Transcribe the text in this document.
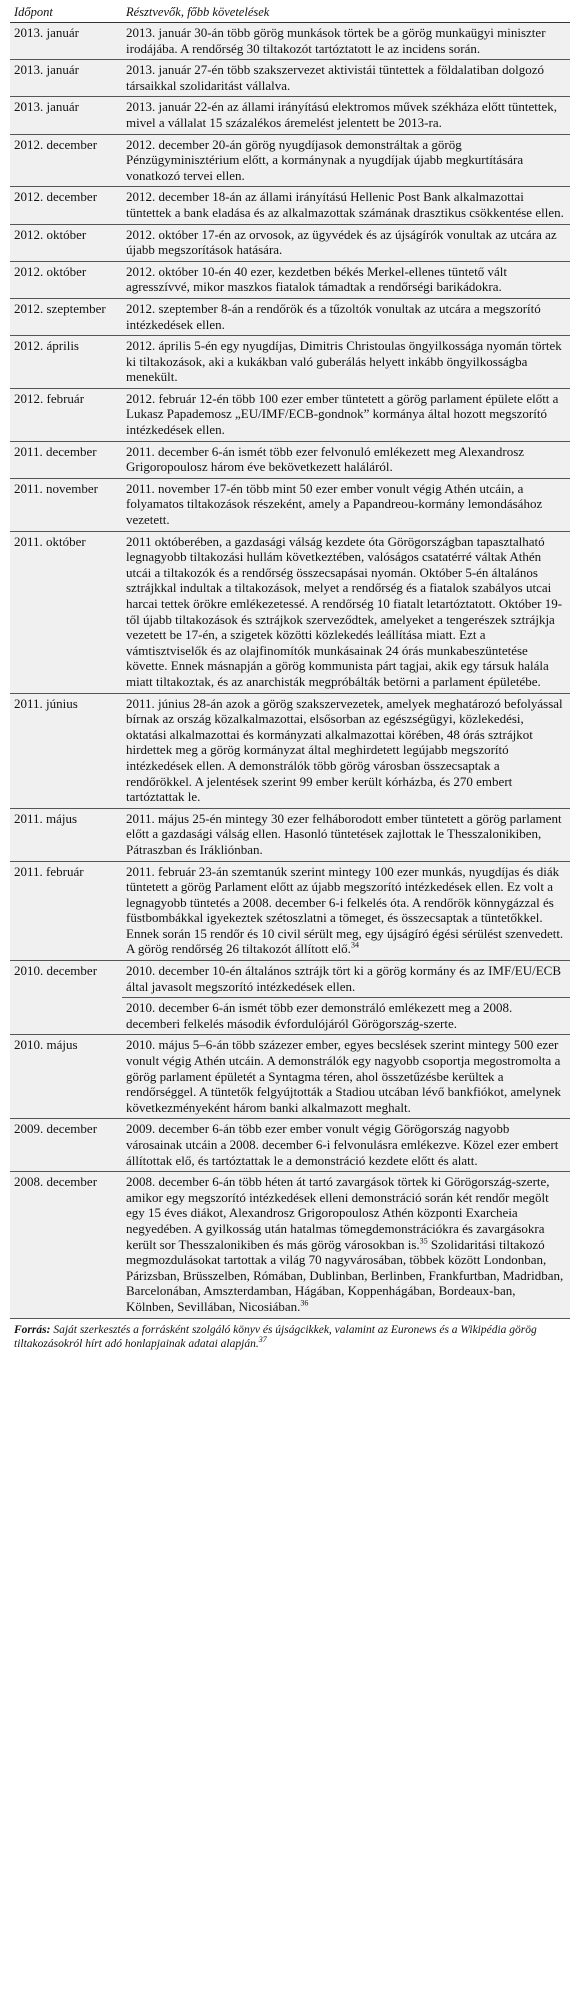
Időpont	Résztvevők, főbb követelések
2013. január	2013. január 30-án több görög munkások törtek be a görög munkaügyi miniszter irodájába. A rendőrség 30 tiltakozót tartóztatott le az incidens során.
2013. január	2013. január 27-én több szakszervezet aktivistái tüntettek a földalatiban dolgozó társaikkal szolidaritást vállalva.
2013. január	2013. január 22-én az állami irányítású elektromos művek székháza előtt tüntettek, mivel a vállalat 15 százalékos áremelést jelentett be 2013-ra.
2012. december	2012. december 20-án görög nyugdíjasok demonstráltak a görög Pénzügyminisztérium előtt, a kormánynak a nyugdíjak újabb megkurtítására vonatkozó tervei ellen.
2012. december	2012. december 18-án az állami irányítású Hellenic Post Bank alkalmazottai tüntettek a bank eladása és az alkalmazottak számának drasztikus csökkentése ellen.
2012. október	2012. október 17-én az orvosok, az ügyvédek és az újságírók vonultak az utcára az újabb megszorítások hatására.
2012. október	2012. október 10-én 40 ezer, kezdetben békés Merkel-ellenes tüntető vált agresszívvé, mikor maszkos fiatalok támadtak a rendőrségi barikádokra.
2012. szeptember	2012. szeptember 8-án a rendőrök és a tűzoltók vonultak az utcára a megszorító intézkedések ellen.
2012. április	2012. április 5-én egy nyugdíjas, Dimitris Christoulas öngyilkossága nyomán törtek ki tiltakozások, aki a kukákban való guberálás helyett inkább öngyilkosságba menekült.
2012. február	2012. február 12-én több 100 ezer ember tüntetett a görög parlament épülete előtt a Lukasz Papademosz „EU/IMF/ECB-gondnok” kormánya által hozott megszorító intézkedések ellen.
2011. december	2011. december 6-án ismét több ezer felvonuló emlékezett meg Alexandrosz Grigoropoulosz három éve bekövetkezett haláláról.
2011. november	2011. november 17-én több mint 50 ezer ember vonult végig Athén utcáin, a folyamatos tiltakozások részeként, amely a Papandreou-kormány lemondásához vezetett.
2011. október	2011 októberében, a gazdasági válság kezdete óta Görögországban tapasztalható legnagyobb tiltakozási hullám következtében, valóságos csatatérré váltak Athén utcái a tiltakozók és a rendőrség összecsapásai nyomán. Október 5-én általános sztrájkkal indultak a tiltakozások, melyet a rendőrség és a fiatalok szabályos utcai harcai tettek örökre emlékezetessé. A rendőrség 10 fiatalt letartóztatott. Október 19-től újabb tiltakozások és sztrájkok szerveződtek, amelyeket a tengerészek sztrájkja vezetett be 17-én, a szigetek közötti közlekedés leállítása miatt. Ezt a vámtisztviselők és az olajfinomítók munkásainak 24 órás munkabeszüntetése követte. Ennek másnapján a görög kommunista párt tagjai, akik egy társuk halála miatt tiltakoztak, és az anarchisták megpróbálták betörni a parlament épületébe.
2011. június	2011. június 28-án azok a görög szakszervezetek, amelyek meghatározó befolyással bírnak az ország közalkalmazottai, elsősorban az egészségügyi, közlekedési, oktatási alkalmazottai és kormányzati alkalmazottai körében, 48 órás sztrájkot hirdettek meg a görög kormányzat által meghirdetett legújabb megszorító intézkedések ellen. A demonstrálók több görög városban összecsaptak a rendőrökkel. A jelentések szerint 99 ember került kórházba, és 270 embert tartóztattak le.
2011. május	2011. május 25-én mintegy 30 ezer felháborodott ember tüntetett a görög parlament előtt a gazdasági válság ellen. Hasonló tüntetések zajlottak le Thesszalonikiben, Pátraszban és Irákliónban.
2011. február	2011. február 23-án szemtanúk szerint mintegy 100 ezer munkás, nyugdíjas és diák tüntetett a görög Parlament előtt az újabb megszorító intézkedések ellen. Ez volt a legnagyobb tüntetés a 2008. december 6-i felkelés óta. A rendőrök könnygázzal és füstbombákkal igyekeztek szétoszlatni a tömeget, és összecsaptak a tüntetőkkel. Ennek során 15 rendőr és 10 civil sérült meg, egy újságíró égési sérülést szenvedett. A görög rendőrség 26 tiltakozót állított elő.$^{34}$
2010. december	2010. december 10-én általános sztrájk tört ki a görög kormány és az IMF/EU/ECB által javasolt megszorító intézkedések ellen.
	2010. december 6-án ismét több ezer demonstráló emlékezett meg a 2008. decemberi felkelés második évfordulójáról Görögország-szerte.
2010. május	2010. május 5–6-án több százezer ember, egyes becslések szerint mintegy 500 ezer vonult végig Athén utcáin. A demonstrálók egy nagyobb csoportja megostromolta a görög parlament épületét a Syntagma téren, ahol összetűzésbe kerültek a rendőrséggel. A tüntetők felgyújtották a Stadiou utcában lévő bankfiókot, amelynek következményeként három banki alkalmazott meghalt.
2009. december	2009. december 6-án több ezer ember vonult végig Görögország nagyobb városainak utcáin a 2008. december 6-i felvonulásra emlékezve. Közel ezer embert állítottak elő, és tartóztattak le a demonstráció kezdete előtt és alatt.
2008. december	2008. december 6-án több héten át tartó zavargások törtek ki Görögország-szerte, amikor egy megszorító intézkedések elleni demonstráció során két rendőr megölt egy 15 éves diákot, Alexandrosz Grigoropoulosz Athén központi Exarcheia negyedében. A gyilkosság után hatalmas tömegdemonstrációkra és zavargásokra került sor Thesszalonikiben és más görög városokban is.$^{35}$ Szolidaritási tiltakozó megmozdulásokat tartottak a világ 70 nagyvárosában, többek között Londonban, Párizsban, Brüsszelben, Rómában, Dublinban, Berlinben, Frankfurtban, Madridban, Barcelonában, Amszterdamban, Hágában, Koppenhágában, Bordeaux-ban, Kölnben, Sevillában, Nicosiában.$^{36}$
Forrás: Saját szerkesztés a forrásként szolgáló könyv és újságcikkek, valamint az Euronews és a Wikipédia görög tiltakozásokról hírt adó honlapjainak adatai alapján.$^{37}$
